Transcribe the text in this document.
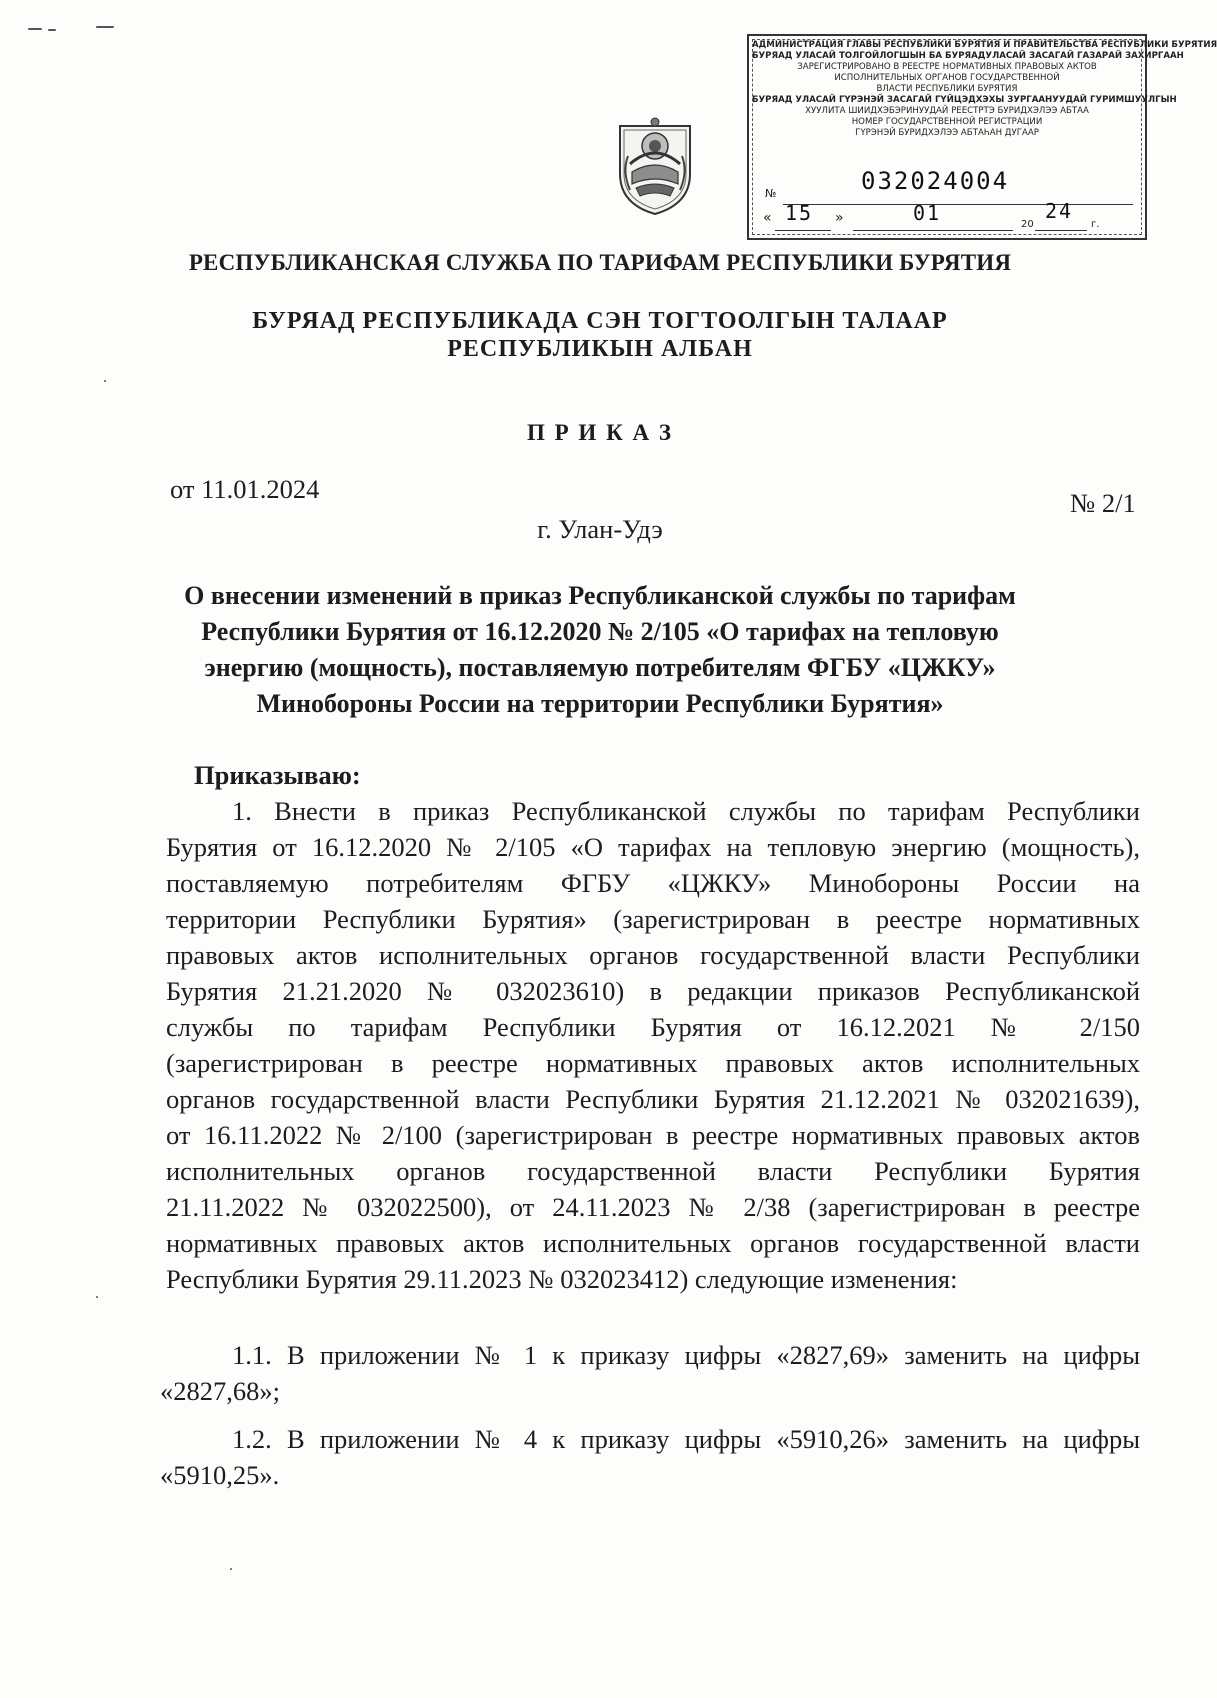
АДМИНИСТРАЦИЯ ГЛАВЫ РЕСПУБЛИКИ БУРЯТИЯ И ПРАВИТЕЛЬСТВА РЕСПУБЛИКИ БУРЯТИЯ
БУРЯАД УЛАСАЙ ТОЛГОЙЛОГШЫН БА БУРЯАДУЛАСАЙ ЗАСАГАЙ ГАЗАРАЙ ЗАХИРГААН
ЗАРЕГИСТРИРОВАНО В РЕЕСТРЕ НОРМАТИВНЫХ ПРАВОВЫХ АКТОВ
ИСПОЛНИТЕЛЬНЫХ ОРГАНОВ ГОСУДАРСТВЕННОЙ
ВЛАСТИ РЕСПУБЛИКИ БУРЯТИЯ
БУРЯАД УЛАСАЙ ГҮРЭНЭЙ ЗАСАГАЙ ГҮЙЦЭДХЭХЫ ЗУРГААНУУДАЙ ГУРИМШУУЛГЫН
ХУУЛИТА ШИИДХЭБЭРИНУУДАЙ РЕЕСТРТЭ БУРИДХЭЛЭЭ АБТАА
НОМЕР ГОСУДАРСТВЕННОЙ РЕГИСТРАЦИИ
ГҮРЭНЭЙ БУРИДХЭЛЭЭ АБТАҺАН ДУГААР
№	032024004
« 15 »	01	20
24
г.
РЕСПУБЛИКАНСКАЯ СЛУЖБА ПО ТАРИФАМ РЕСПУБЛИКИ БУРЯТИЯ
БУРЯАД РЕСПУБЛИКАДА СЭН ТОГТООЛГЫН ТАЛААР
РЕСПУБЛИКЫН АЛБАН
П Р И К А З
от 11.01.2024	№ 2/1
г. Улан-Удэ
О внесении изменений в приказ Республиканской службы по тарифам
Республики Бурятия от 16.12.2020 № 2/105 «О тарифах на тепловую
энергию (мощность), поставляемую потребителям ФГБУ «ЦЖКУ»
Минобороны России на территории Республики Бурятия»
Приказываю:
1. Внести в приказ Республиканской службы по тарифам Республики
Бурятия от 16.12.2020 № 2/105 «О тарифах на тепловую энергию (мощность),
поставляемую потребителям ФГБУ «ЦЖКУ» Минобороны России на
территории Республики Бурятия» (зарегистрирован в реестре нормативных
правовых актов исполнительных органов государственной власти Республики
Бурятия 21.21.2020 № 032023610) в редакции приказов Республиканской
службы по тарифам Республики Бурятия от 16.12.2021 № 2/150
(зарегистрирован в реестре нормативных правовых актов исполнительных
органов государственной власти Республики Бурятия 21.12.2021 № 032021639),
от 16.11.2022 № 2/100 (зарегистрирован в реестре нормативных правовых актов
исполнительных органов государственной власти Республики Бурятия
21.11.2022 № 032022500), от 24.11.2023 № 2/38 (зарегистрирован в реестре
нормативных правовых актов исполнительных органов государственной власти
Республики Бурятия 29.11.2023 № 032023412) следующие изменения:
1.1. В приложении № 1 к приказу цифры «2827,69» заменить на цифры
«2827,68»;
1.2. В приложении № 4 к приказу цифры «5910,26» заменить на цифры
«5910,25».
